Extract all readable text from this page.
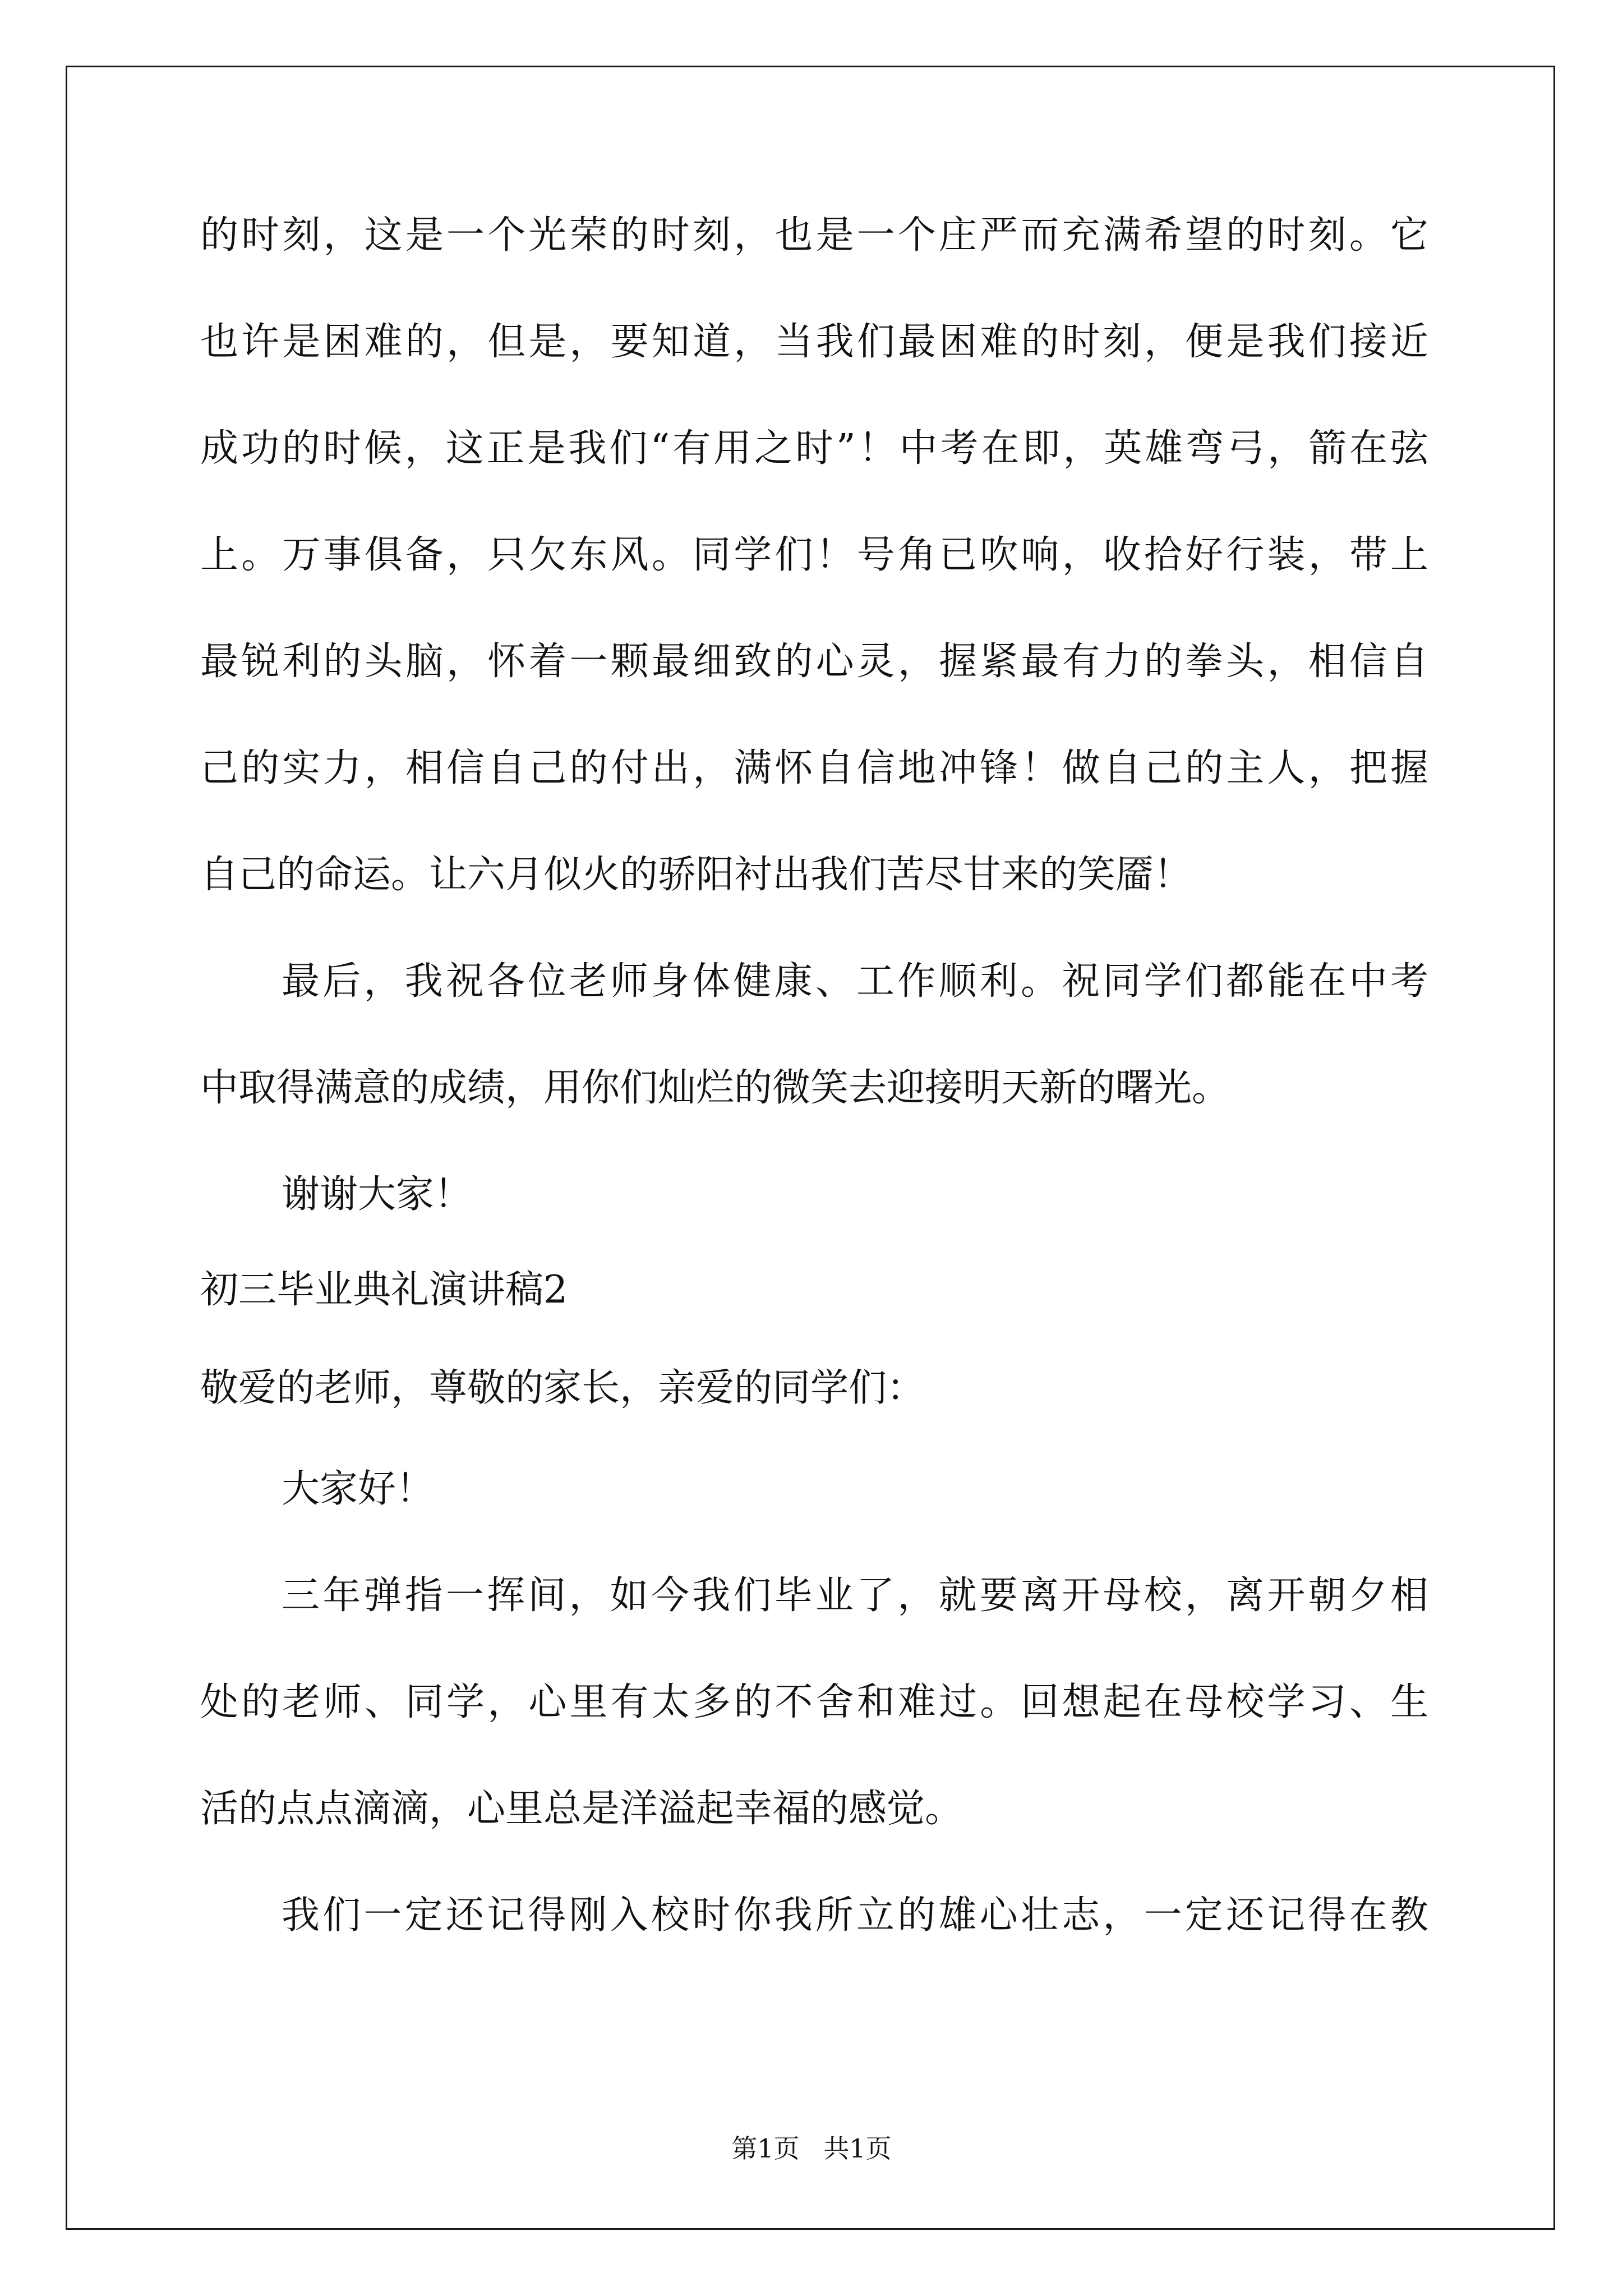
的时刻，这是一个光荣的时刻，也是一个庄严而充满希望的时刻。它
也许是困难的，但是，要知道，当我们最困难的时刻，便是我们接近
成功的时候，这正是我们“有用之时”！中考在即，英雄弯弓，箭在弦
上。万事俱备，只欠东风。同学们！号角已吹响，收拾好行装，带上
最锐利的头脑，怀着一颗最细致的心灵，握紧最有力的拳头，相信自
己的实力，相信自己的付出，满怀自信地冲锋！做自己的主人，把握
自己的命运。让六月似火的骄阳衬出我们苦尽甘来的笑靥！
最后，我祝各位老师身体健康、工作顺利。祝同学们都能在中考
中取得满意的成绩，用你们灿烂的微笑去迎接明天新的曙光。
谢谢大家！
初三毕业典礼演讲稿2
敬爱的老师，尊敬的家长，亲爱的同学们：
大家好！
三年弹指一挥间，如今我们毕业了，就要离开母校，离开朝夕相
处的老师、同学，心里有太多的不舍和难过。回想起在母校学习、生
活的点点滴滴，心里总是洋溢起幸福的感觉。
我们一定还记得刚入校时你我所立的雄心壮志，一定还记得在教
第1页 共1页
